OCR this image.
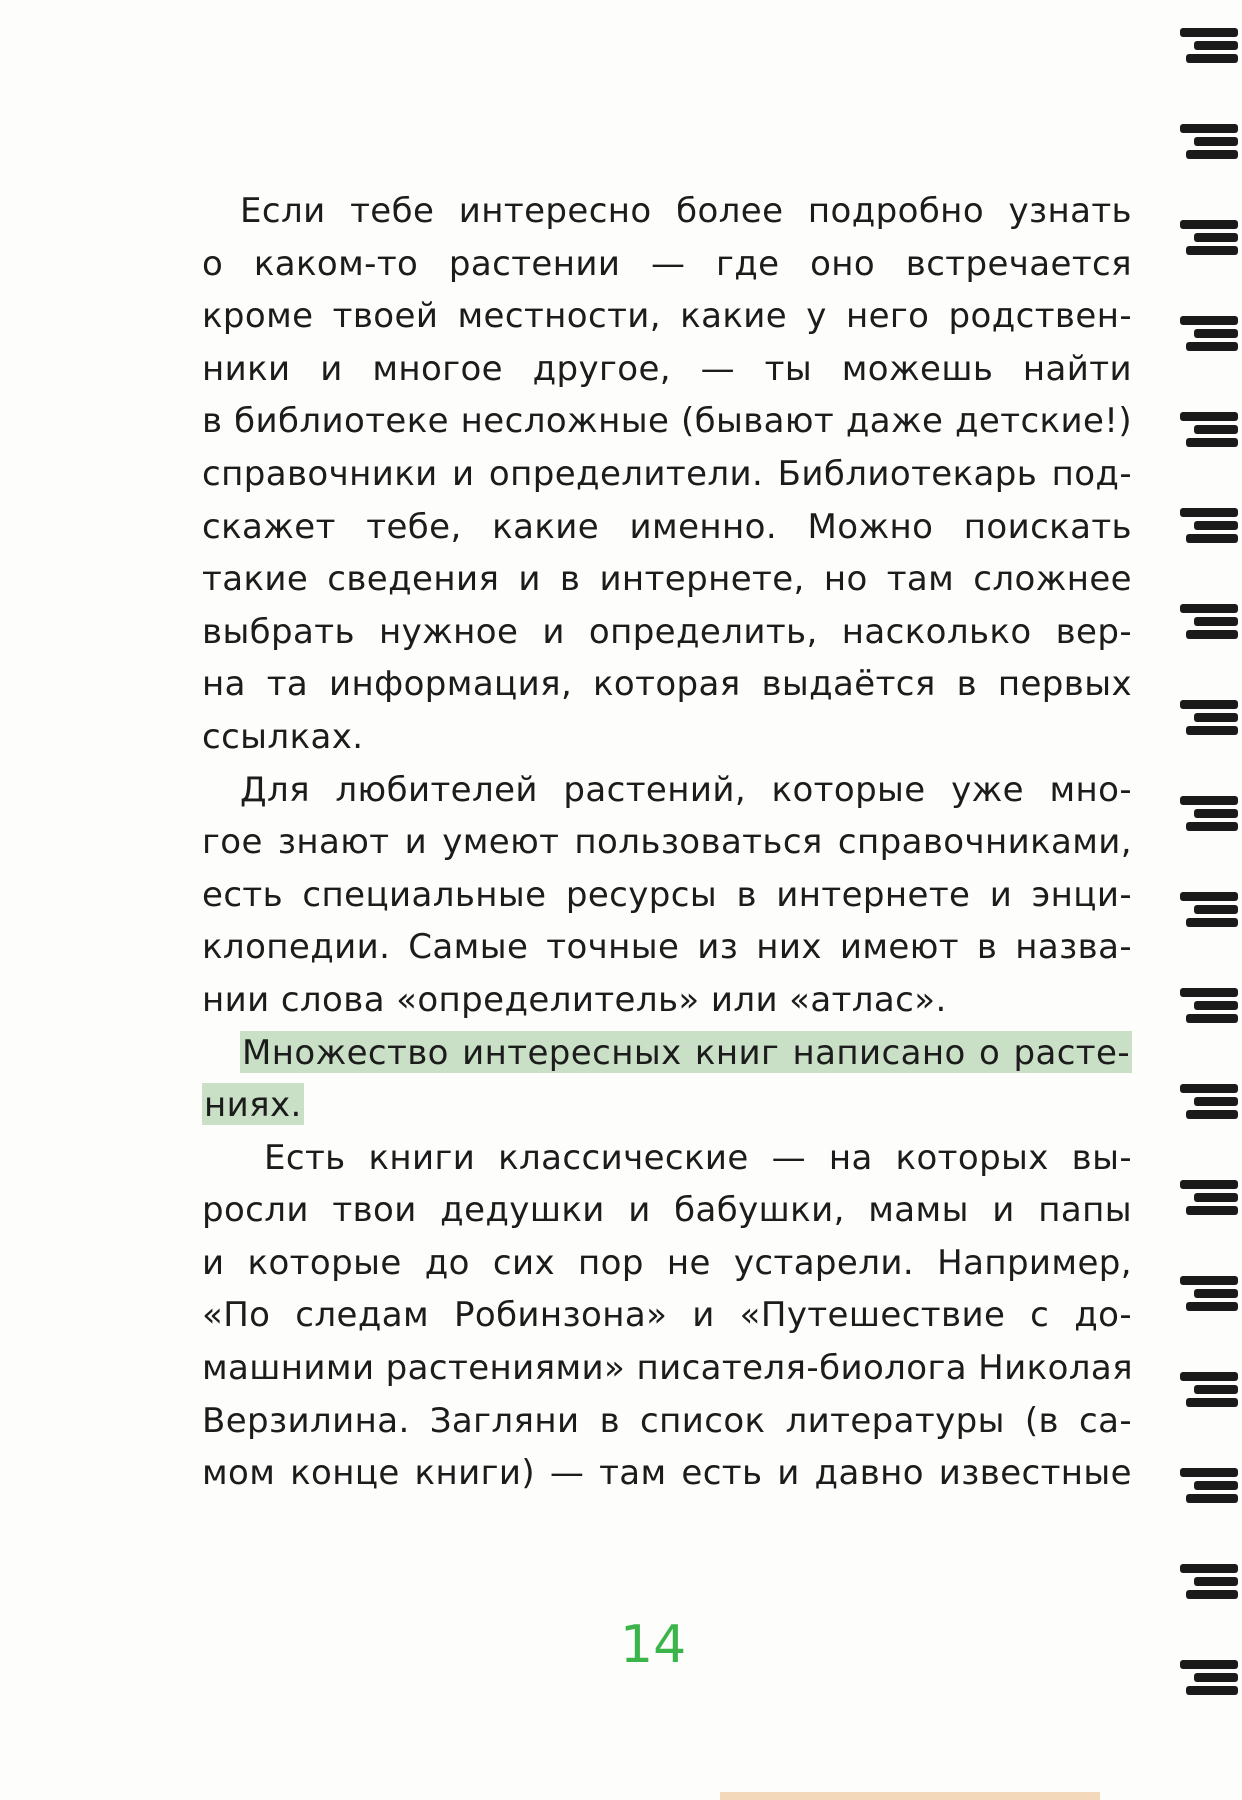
Если тебе интересно более подробно узнать
о каком-то растении — где оно встречается
кроме твоей местности, какие у него родствен-
ники и многое другое, — ты можешь найти
в библиотеке несложные (бывают даже детские!)
справочники и определители. Библиотекарь под-
скажет тебе, какие именно. Можно поискать
такие сведения и в интернете, но там сложнее
выбрать нужное и определить, насколько вер-
на та информация, которая выдаётся в первых
ссылках.
Для любителей растений, которые уже мно-
гое знают и умеют пользоваться справочниками,
есть специальные ресурсы в интернете и энци-
клопедии. Самые точные из них имеют в назва-
нии слова «определитель» или «атлас».
Множество интересных книг написано о расте-
ниях.
Есть книги классические — на которых вы-
росли твои дедушки и бабушки, мамы и папы
и которые до сих пор не устарели. Например,
«По следам Робинзона» и «Путешествие с до-
машними растениями» писателя-биолога Николая
Верзилина. Загляни в список литературы (в са-
мом конце книги) — там есть и давно известные
14
